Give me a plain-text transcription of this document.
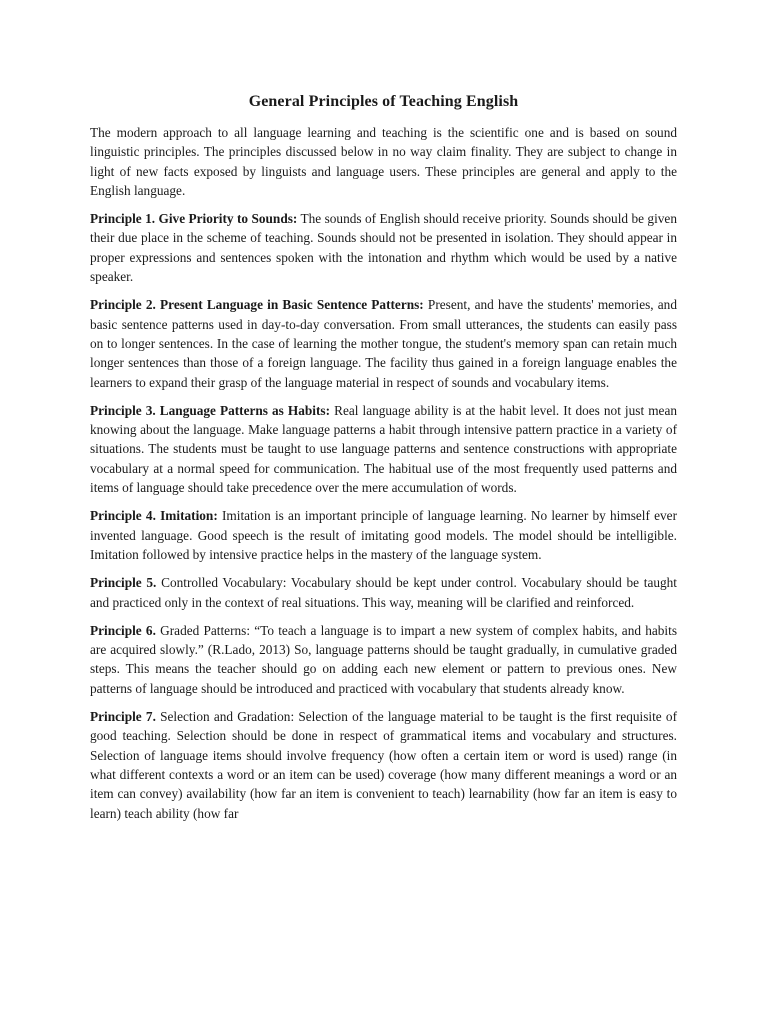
General Principles of Teaching English

The modern approach to all language learning and teaching is the scientific one and is based on sound linguistic principles. The principles discussed below in no way claim finality. They are subject to change in light of new facts exposed by linguists and language users. These principles are general and apply to the English language.

Principle 1. Give Priority to Sounds: The sounds of English should receive priority. Sounds should be given their due place in the scheme of teaching. Sounds should not be presented in isolation. They should appear in proper expressions and sentences spoken with the intonation and rhythm which would be used by a native speaker.

Principle 2. Present Language in Basic Sentence Patterns: Present, and have the students' memories, and basic sentence patterns used in day-to-day conversation. From small utterances, the students can easily pass on to longer sentences. In the case of learning the mother tongue, the student's memory span can retain much longer sentences than those of a foreign language. The facility thus gained in a foreign language enables the learners to expand their grasp of the language material in respect of sounds and vocabulary items.

Principle 3. Language Patterns as Habits: Real language ability is at the habit level. It does not just mean knowing about the language. Make language patterns a habit through intensive pattern practice in a variety of situations. The students must be taught to use language patterns and sentence constructions with appropriate vocabulary at a normal speed for communication. The habitual use of the most frequently used patterns and items of language should take precedence over the mere accumulation of words.

Principle 4. Imitation: Imitation is an important principle of language learning. No learner by himself ever invented language. Good speech is the result of imitating good models. The model should be intelligible. Imitation followed by intensive practice helps in the mastery of the language system.

Principle 5. Controlled Vocabulary: Vocabulary should be kept under control. Vocabulary should be taught and practiced only in the context of real situations. This way, meaning will be clarified and reinforced.

Principle 6. Graded Patterns: “To teach a language is to impart a new system of complex habits, and habits are acquired slowly.” (R.Lado, 2013) So, language patterns should be taught gradually, in cumulative graded steps. This means the teacher should go on adding each new element or pattern to previous ones. New patterns of language should be introduced and practiced with vocabulary that students already know.

Principle 7. Selection and Gradation: Selection of the language material to be taught is the first requisite of good teaching. Selection should be done in respect of grammatical items and vocabulary and structures. Selection of language items should involve frequency (how often a certain item or word is used) range (in what different contexts a word or an item can be used) coverage (how many different meanings a word or an item can convey) availability (how far an item is convenient to teach) learnability (how far an item is easy to learn) teach ability (how far
